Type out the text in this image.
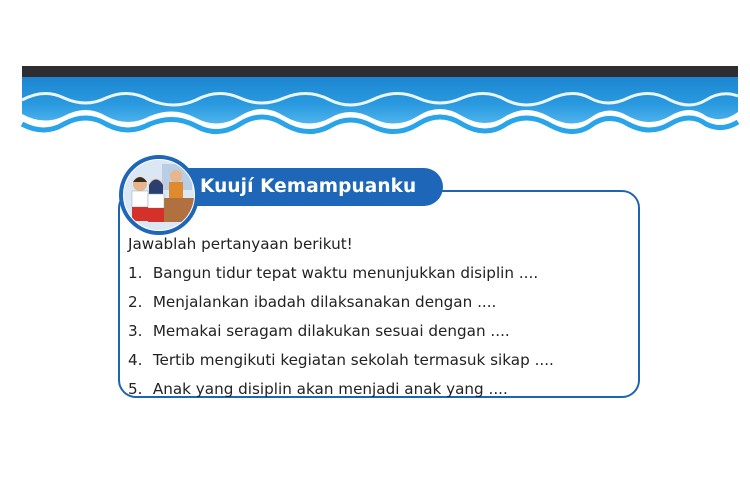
Kuují Kemampuanku
Jawablah pertanyaan berikut!
1. Bangun tidur tepat waktu menunjukkan disiplin ....
2. Menjalankan ibadah dilaksanakan dengan ....
3. Memakai seragam dilakukan sesuai dengan ....
4. Tertib mengikuti kegiatan sekolah termasuk sikap ....
5. Anak yang disiplin akan menjadi anak yang ....
